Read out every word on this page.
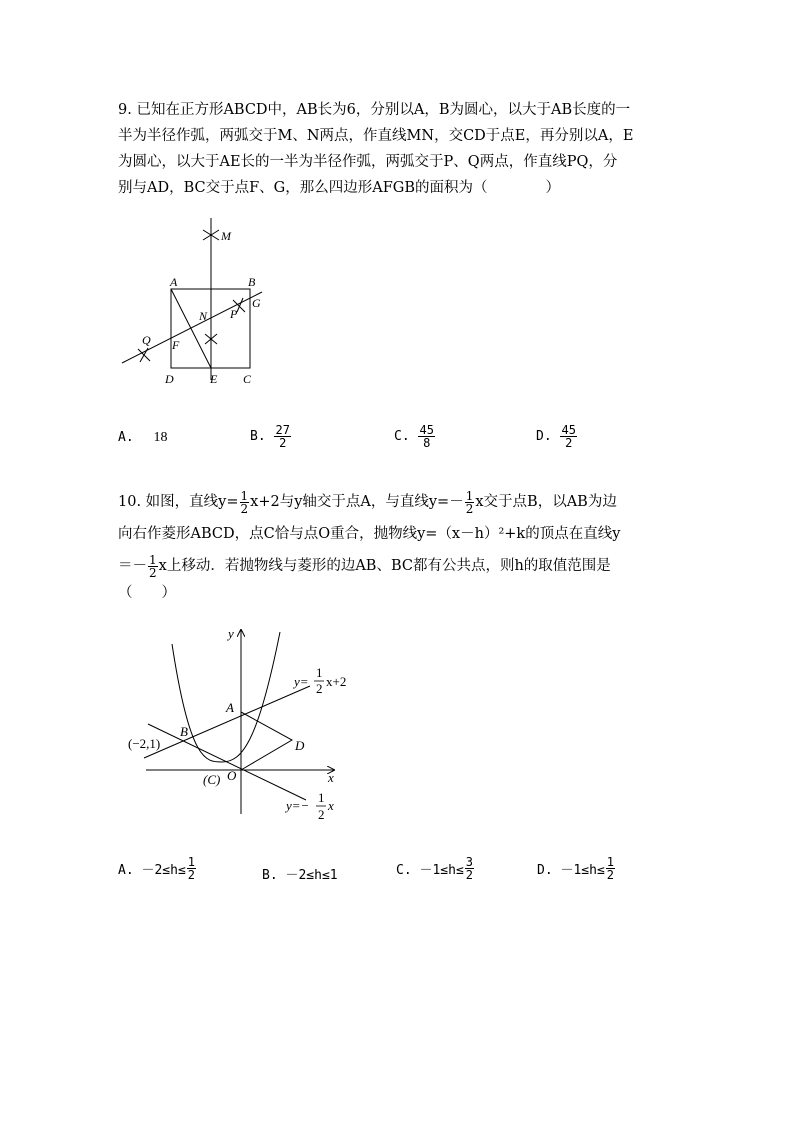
9. 已知在正方形ABCD中，AB长为6，分别以A，B为圆心，以大于AB长度的一
半为半径作弧，两弧交于M、N两点，作直线MN，交CD于点E，再分别以A，E
为圆心，以大于AE长的一半为半径作弧，两弧交于P、Q两点，作直线PQ，分
别与AD，BC交于点F、G，那么四边形AFGB的面积为（　　　　）
M
A	B
G
N P
Q F
D	E C
A. 18	B. $\frac{27}{2}$	C. $\frac{45}{8}$	D. $\frac{45}{2}$
10. 如图，直线$y= \frac{1}{2} x+2$与y轴交于点A，与直线$y=- \frac{1}{2}$ x交于点B，以AB为边
向右作菱形ABCD，点C恰与点O重合，抛物线y=（x－h）²+k的顶点在直线y
＝－ $\frac{1}{2}$ x上移动．若抛物线与菱形的边AB、BC都有公共点，则h的取值范围是
（　　）
y
x
A
B
D
O
(C)
(−2,1)
y=
1
2 x+2
y=−
1
2
x
A. $-2\le h\le \frac{1}{2}$	B. －2≤h≤1	C. $-1\le h\le \frac{3}{2}$	D. $-1\le h\le \frac{1}{2}$
